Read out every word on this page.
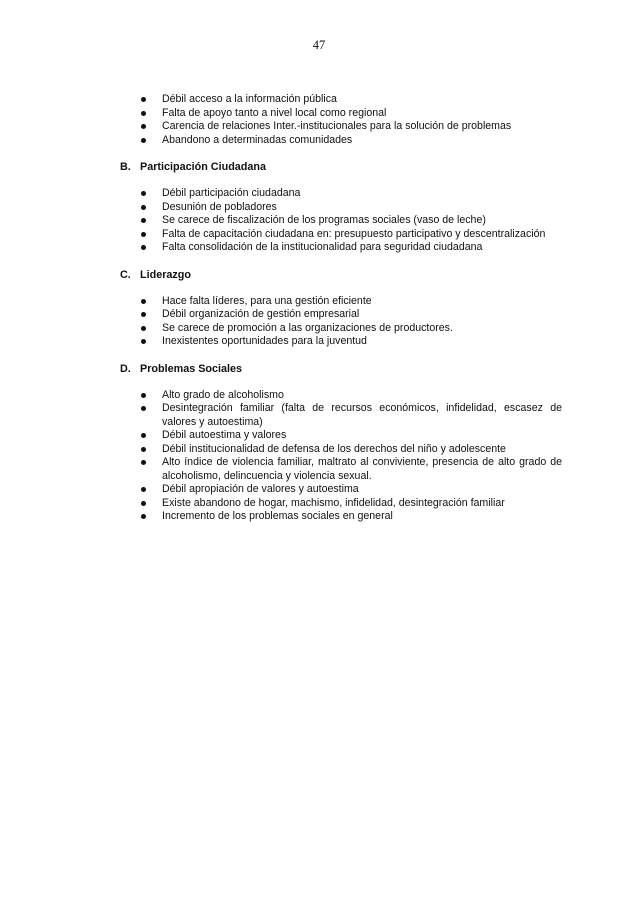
47
Débil acceso a la información pública
Falta de apoyo tanto a nivel local como regional
Carencia de relaciones Inter.-institucionales para la solución de problemas
Abandono a determinadas comunidades
B. Participación Ciudadana
Débil participación ciudadana
Desunión de pobladores
Se carece de fiscalización de los programas sociales (vaso de leche)
Falta de capacitación ciudadana en: presupuesto participativo y descentralización
Falta consolidación de la institucionalidad para seguridad ciudadana
C. Liderazgo
Hace falta líderes, para una gestión eficiente
Débil organización de gestión empresarial
Se carece de promoción a las organizaciones de productores.
Inexistentes oportunidades para la juventud
D. Problemas Sociales
Alto grado de alcoholismo
Desintegración familiar (falta de recursos económicos, infidelidad, escasez de valores y autoestima)
Débil autoestima y valores
Débil institucionalidad de defensa de los derechos del niño y adolescente
Alto índice de violencia familiar, maltrato al conviviente, presencia de alto grado de alcoholismo, delincuencia y violencia sexual.
Débil apropiación de valores y autoestima
Existe abandono de hogar, machismo, infidelidad, desintegración familiar
Incremento de los problemas sociales en general
